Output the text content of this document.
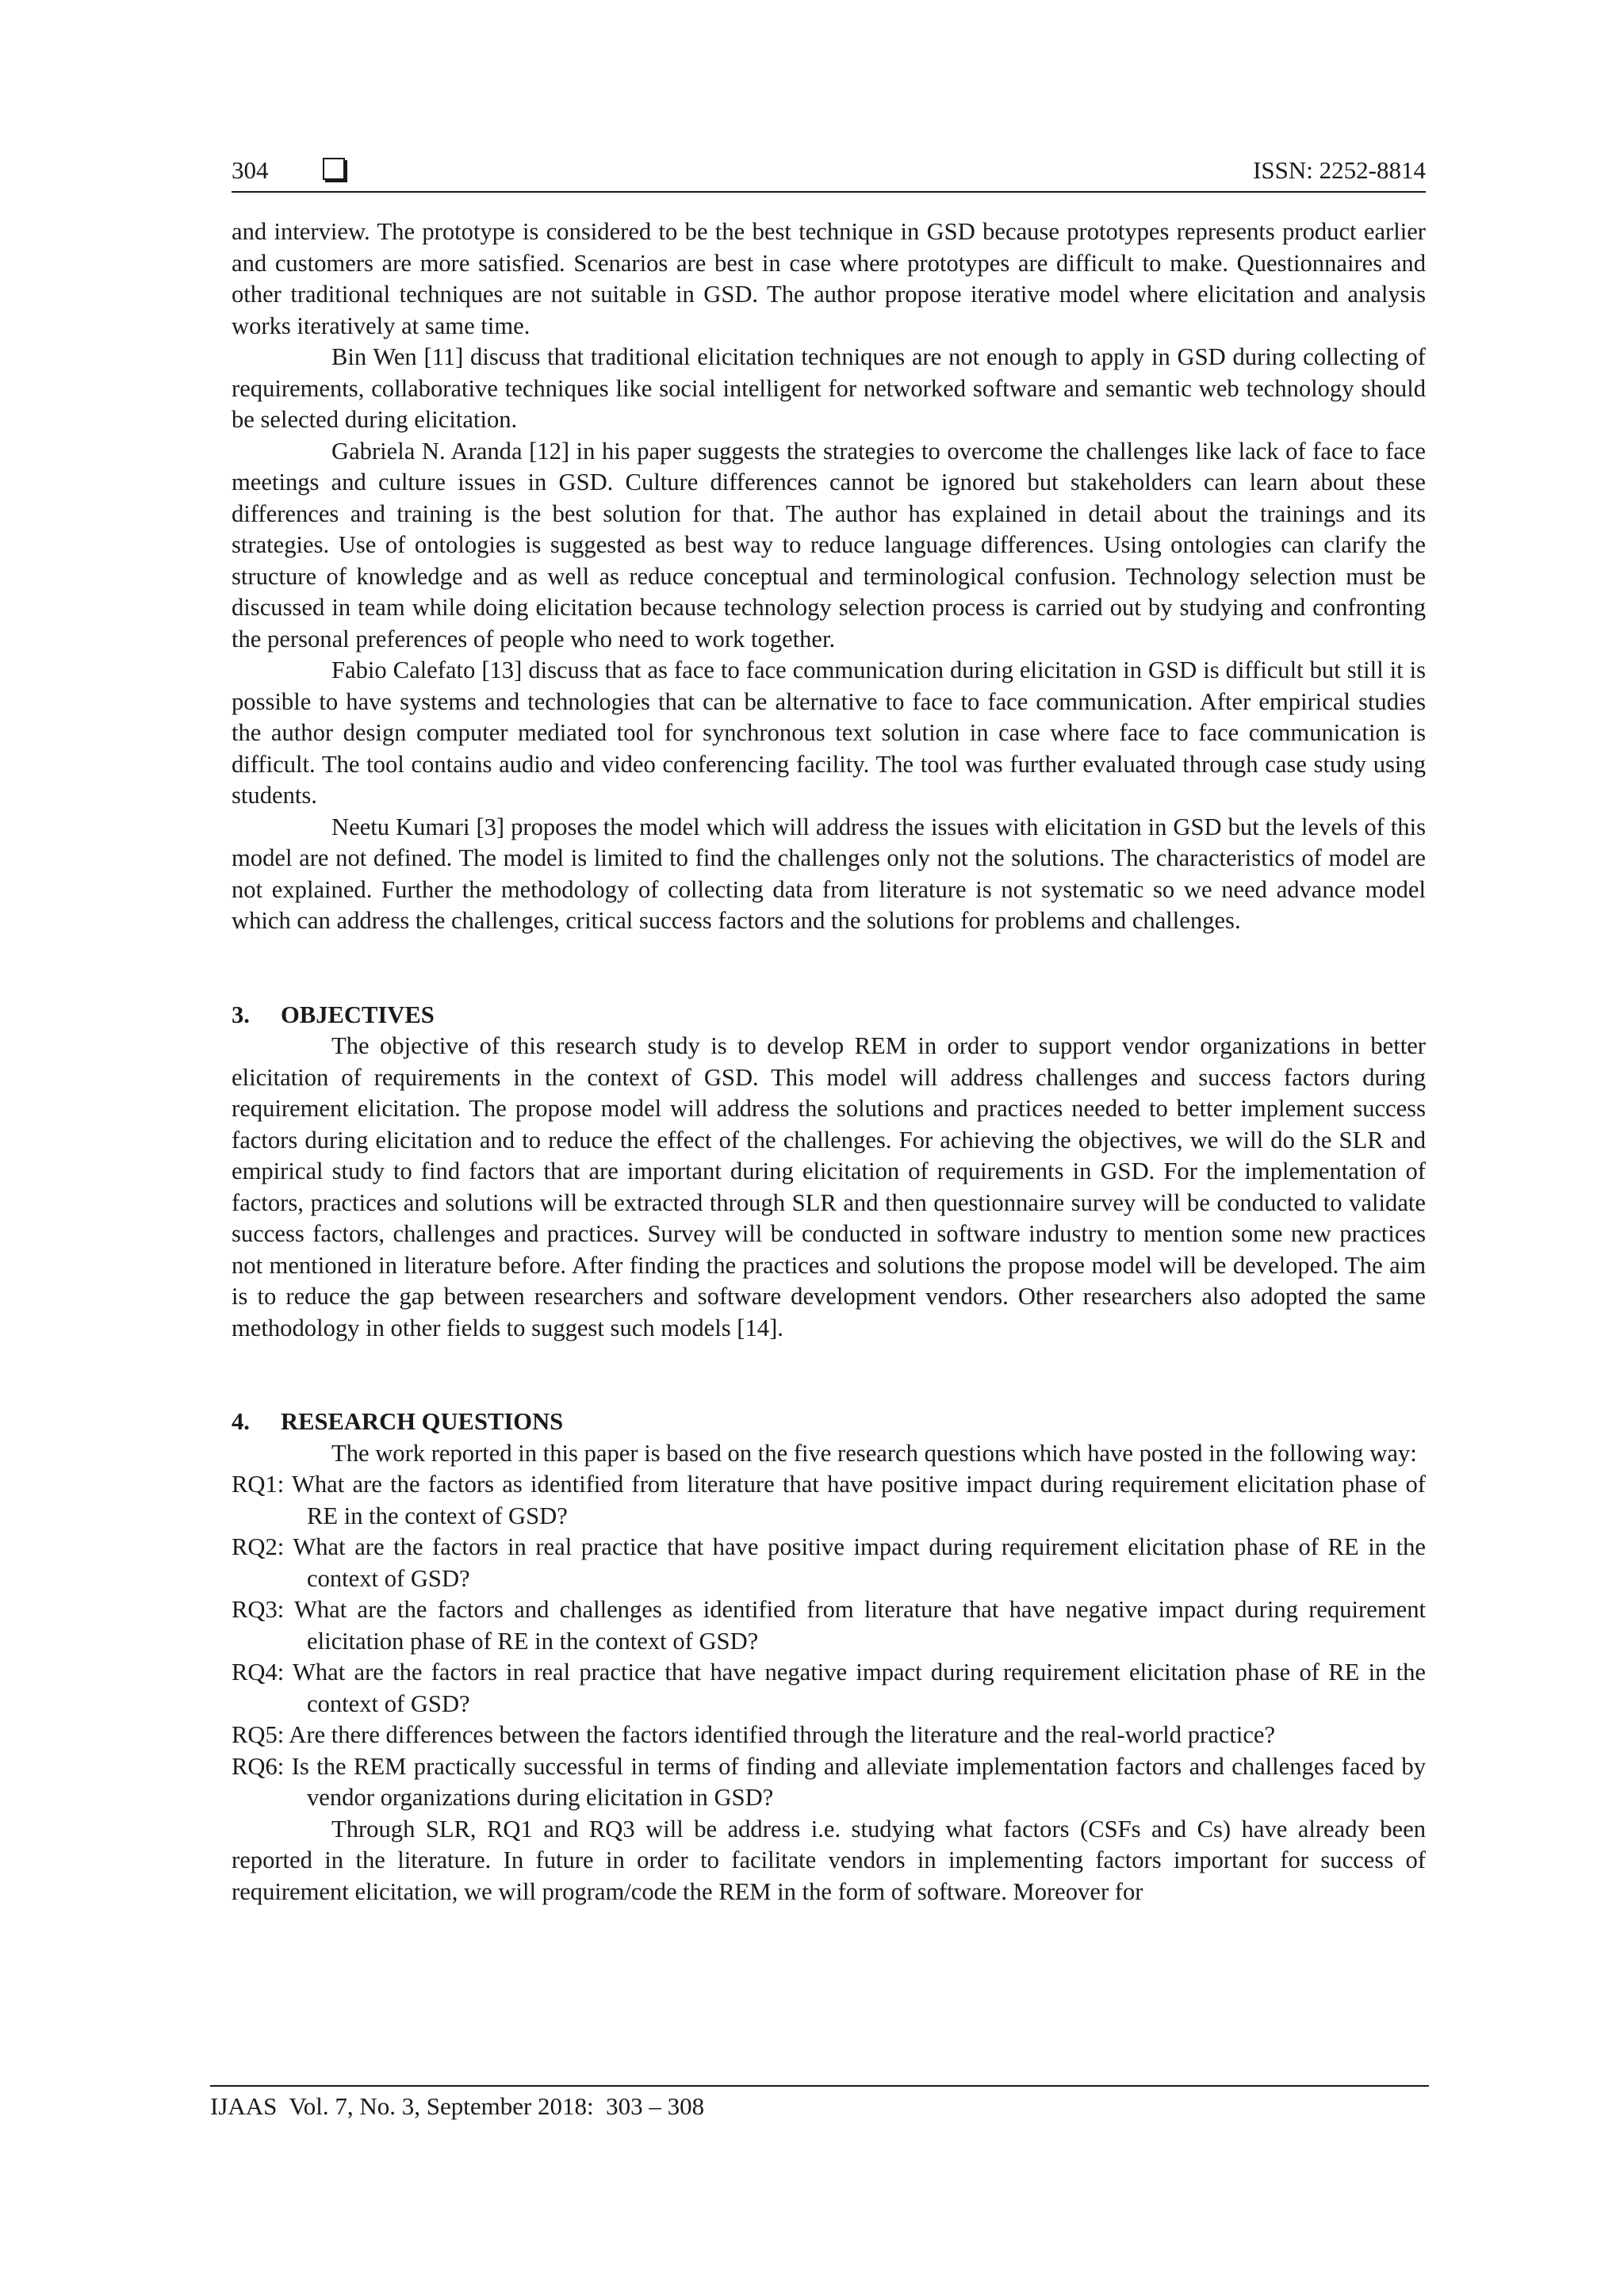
304	ISSN: 2252-8814

and interview. The prototype is considered to be the best technique in GSD because prototypes represents product earlier and customers are more satisfied. Scenarios are best in case where prototypes are difficult to make. Questionnaires and other traditional techniques are not suitable in GSD. The author propose iterative model where elicitation and analysis works iteratively at same time.

Bin Wen [11] discuss that traditional elicitation techniques are not enough to apply in GSD during collecting of requirements, collaborative techniques like social intelligent for networked software and semantic web technology should be selected during elicitation.

Gabriela N. Aranda [12] in his paper suggests the strategies to overcome the challenges like lack of face to face meetings and culture issues in GSD. Culture differences cannot be ignored but stakeholders can learn about these differences and training is the best solution for that. The author has explained in detail about the trainings and its strategies. Use of ontologies is suggested as best way to reduce language differences. Using ontologies can clarify the structure of knowledge and as well as reduce conceptual and terminological confusion. Technology selection must be discussed in team while doing elicitation because technology selection process is carried out by studying and confronting the personal preferences of people who need to work together.

Fabio Calefato [13] discuss that as face to face communication during elicitation in GSD is difficult but still it is possible to have systems and technologies that can be alternative to face to face communication. After empirical studies the author design computer mediated tool for synchronous text solution in case where face to face communication is difficult. The tool contains audio and video conferencing facility. The tool was further evaluated through case study using students.

Neetu Kumari [3] proposes the model which will address the issues with elicitation in GSD but the levels of this model are not defined. The model is limited to find the challenges only not the solutions. The characteristics of model are not explained. Further the methodology of collecting data from literature is not systematic so we need advance model which can address the challenges, critical success factors and the solutions for problems and challenges.

3. OBJECTIVES

The objective of this research study is to develop REM in order to support vendor organizations in better elicitation of requirements in the context of GSD. This model will address challenges and success factors during requirement elicitation. The propose model will address the solutions and practices needed to better implement success factors during elicitation and to reduce the effect of the challenges. For achieving the objectives, we will do the SLR and empirical study to find factors that are important during elicitation of requirements in GSD. For the implementation of factors, practices and solutions will be extracted through SLR and then questionnaire survey will be conducted to validate success factors, challenges and practices. Survey will be conducted in software industry to mention some new practices not mentioned in literature before. After finding the practices and solutions the propose model will be developed. The aim is to reduce the gap between researchers and software development vendors. Other researchers also adopted the same methodology in other fields to suggest such models [14].

4. RESEARCH QUESTIONS

The work reported in this paper is based on the five research questions which have posted in the following way:

RQ1: What are the factors as identified from literature that have positive impact during requirement elicitation phase of RE in the context of GSD?

RQ2: What are the factors in real practice that have positive impact during requirement elicitation phase of RE in the context of GSD?

RQ3: What are the factors and challenges as identified from literature that have negative impact during requirement elicitation phase of RE in the context of GSD?

RQ4: What are the factors in real practice that have negative impact during requirement elicitation phase of RE in the context of GSD?

RQ5: Are there differences between the factors identified through the literature and the real-world practice?

RQ6: Is the REM practically successful in terms of finding and alleviate implementation factors and challenges faced by vendor organizations during elicitation in GSD?

Through SLR, RQ1 and RQ3 will be address i.e. studying what factors (CSFs and Cs) have already been reported in the literature. In future in order to facilitate vendors in implementing factors important for success of requirement elicitation, we will program/code the REM in the form of software. Moreover for

IJAAS  Vol. 7, No. 3, September 2018:  303 – 308
